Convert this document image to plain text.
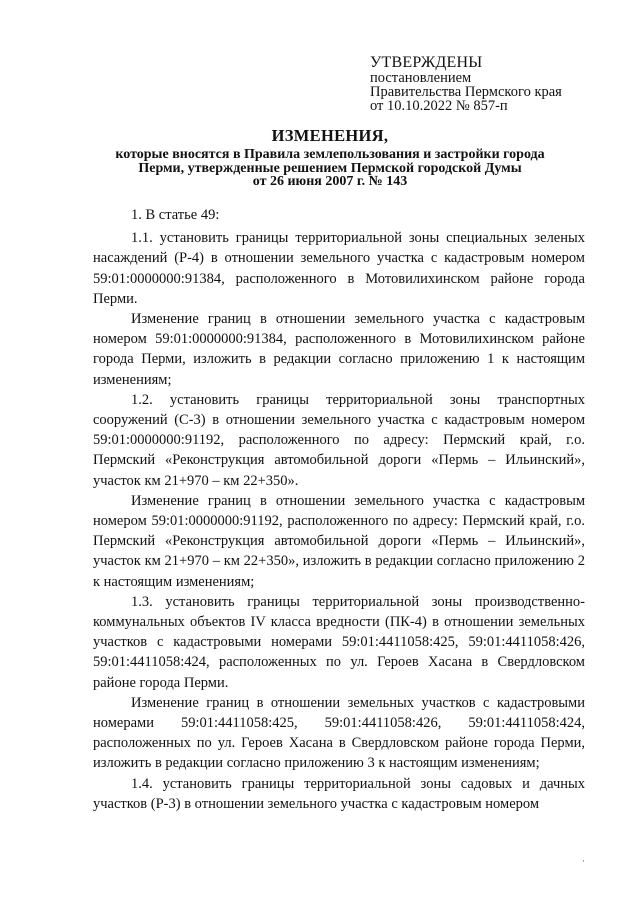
УТВЕРЖДЕНЫ
постановлением
Правительства Пермского края
от 10.10.2022 № 857-п
ИЗМЕНЕНИЯ,
которые вносятся в Правила землепользования и застройки города
Перми, утвержденные решением Пермской городской Думы
от 26 июня 2007 г. № 143

1. В статье 49:

1.1. установить границы территориальной зоны специальных зеленых насаждений (Р-4) в отношении земельного участка с кадастровым номером 59:01:0000000:91384, расположенного в Мотовилихинском районе города Перми.

Изменение границ в отношении земельного участка с кадастровым номером 59:01:0000000:91384, расположенного в Мотовилихинском районе города Перми, изложить в редакции согласно приложению 1 к настоящим изменениям;

1.2. установить границы территориальной зоны транспортных сооружений (С-3) в отношении земельного участка с кадастровым номером 59:01:0000000:91192, расположенного по адресу: Пермский край, г.о. Пермский «Реконструкция автомобильной дороги «Пермь – Ильинский», участок км 21+970 – км 22+350».

Изменение границ в отношении земельного участка с кадастровым номером 59:01:0000000:91192, расположенного по адресу: Пермский край, г.о. Пермский «Реконструкция автомобильной дороги «Пермь – Ильинский», участок км 21+970 – км 22+350», изложить в редакции согласно приложению 2 к настоящим изменениям;

1.3. установить границы территориальной зоны производственно-коммунальных объектов IV класса вредности (ПК-4) в отношении земельных участков с кадастровыми номерами 59:01:4411058:425, 59:01:4411058:426, 59:01:4411058:424, расположенных по ул. Героев Хасана в Свердловском районе города Перми.

Изменение границ в отношении земельных участков с кадастровыми номерами 59:01:4411058:425, 59:01:4411058:426, 59:01:4411058:424, расположенных по ул. Героев Хасана в Свердловском районе города Перми, изложить в редакции согласно приложению 3 к настоящим изменениям;

1.4. установить границы территориальной зоны садовых и дачных участков (Р-3) в отношении земельного участка с кадастровым номером

·
